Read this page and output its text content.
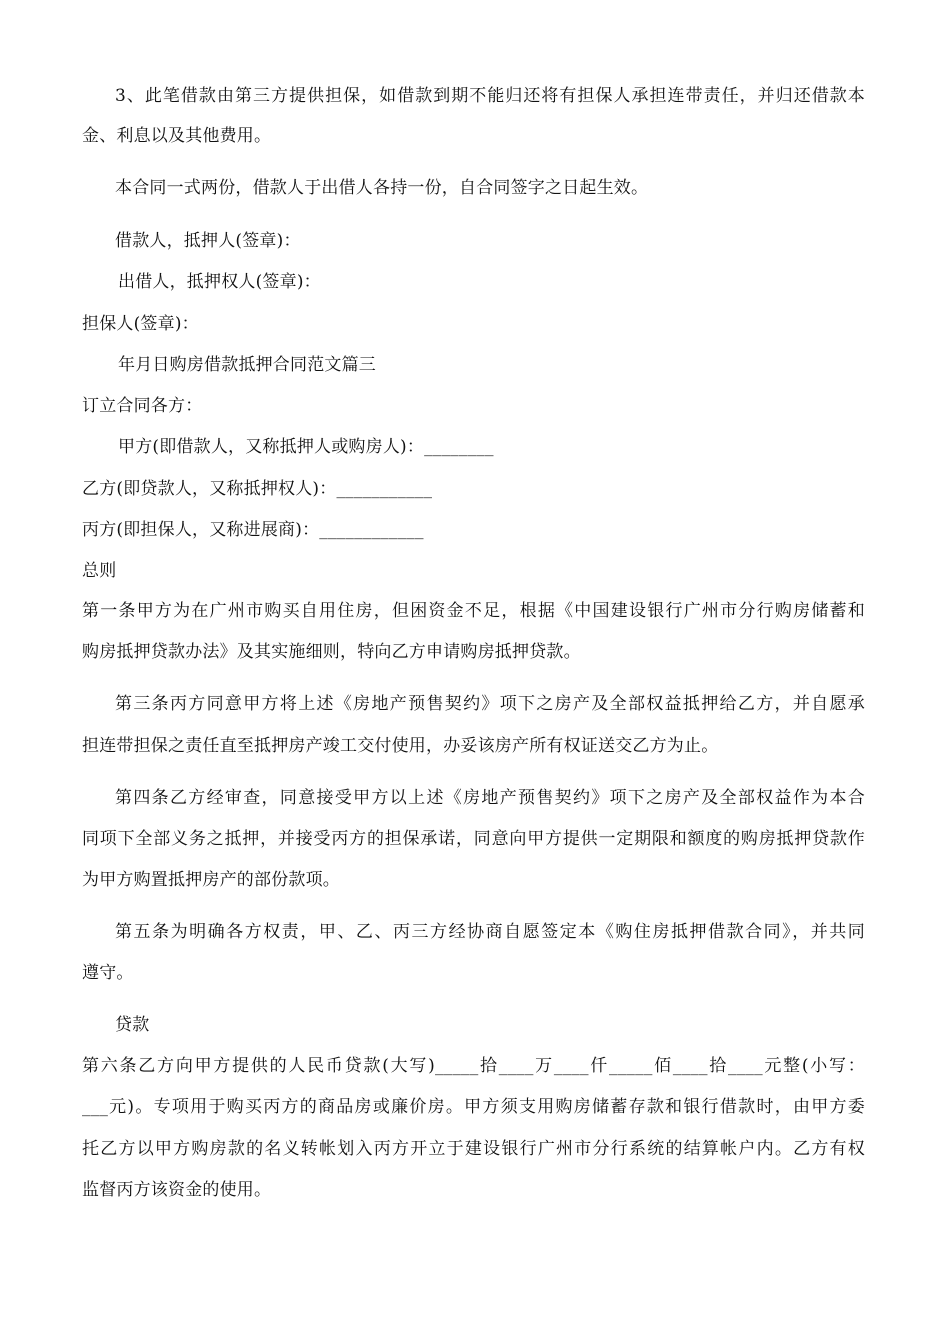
3、此笔借款由第三方提供担保，如借款到期不能归还将有担保人承担连带责任，并归还借款本
金、利息以及其他费用。
本合同一式两份，借款人于出借人各持一份，自合同签字之日起生效。
借款人，抵押人(签章)：
出借人，抵押权人(签章)：
担保人(签章)：
年月日购房借款抵押合同范文篇三
订立合同各方：
甲方(即借款人，又称抵押人或购房人)：________
乙方(即贷款人，又称抵押权人)：___________
丙方(即担保人，又称进展商)：____________
总则
第一条甲方为在广州市购买自用住房，但困资金不足，根据《中国建设银行广州市分行购房储蓄和
购房抵押贷款办法》及其实施细则，特向乙方申请购房抵押贷款。
第三条丙方同意甲方将上述《房地产预售契约》项下之房产及全部权益抵押给乙方，并自愿承
担连带担保之责任直至抵押房产竣工交付使用，办妥该房产所有权证送交乙方为止。
第四条乙方经审查，同意接受甲方以上述《房地产预售契约》项下之房产及全部权益作为本合
同项下全部义务之抵押，并接受丙方的担保承诺，同意向甲方提供一定期限和额度的购房抵押贷款作
为甲方购置抵押房产的部份款项。
第五条为明确各方权责，甲、乙、丙三方经协商自愿签定本《购住房抵押借款合同》，并共同
遵守。
贷款
第六条乙方向甲方提供的人民币贷款(大写)_____拾____万____仟_____佰____拾____元整(小写：
___元)。专项用于购买丙方的商品房或廉价房。甲方须支用购房储蓄存款和银行借款时，由甲方委
托乙方以甲方购房款的名义转帐划入丙方开立于建设银行广州市分行系统的结算帐户内。乙方有权
监督丙方该资金的使用。
